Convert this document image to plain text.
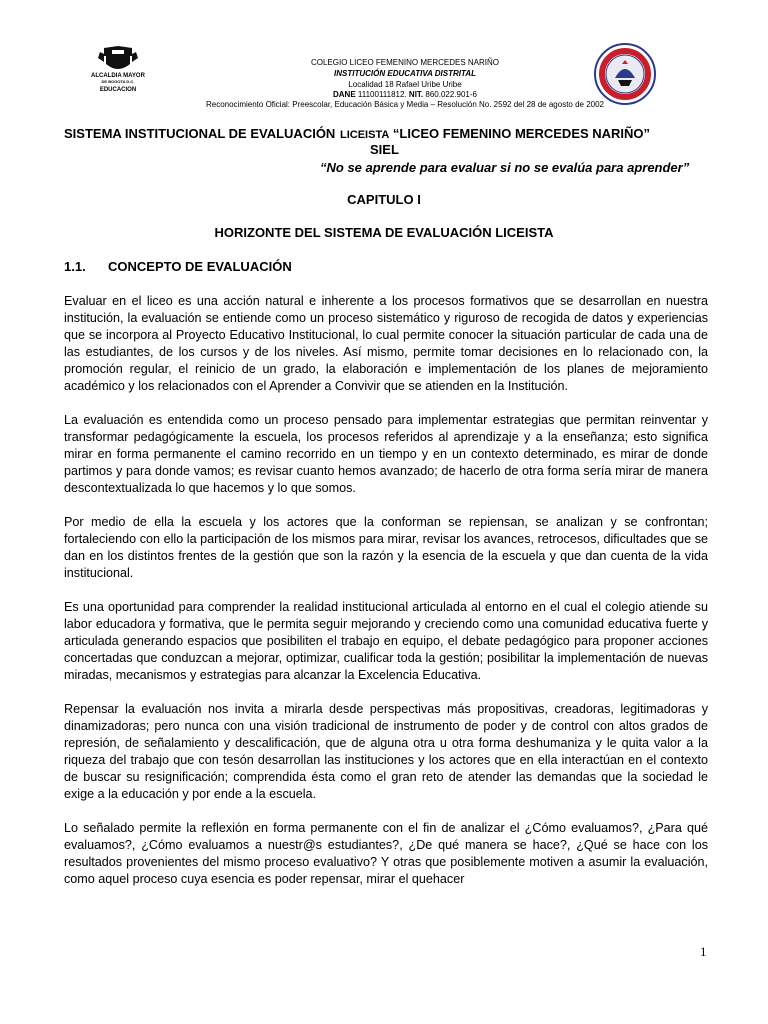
ALCALDIA MAYOR
DE BOGOTA D.C.
EDUCACION
COLEGIO LICEO FEMENINO MERCEDES NARIÑO
INSTITUCIÓN EDUCATIVA DISTRITAL
Localidad 18 Rafael Uribe Uribe
DANE 11100111812. NIT. 860.022.901-6
Reconocimiento Oficial: Preescolar, Educación Básica y Media – Resolución No. 2592 del 28 de agosto de 2002
SISTEMA INSTITUCIONAL DE EVALUACIÓN LICEISTA “LICEO FEMENINO MERCEDES NARIÑO”
SIEL
“No se aprende para evaluar si no se evalúa para aprender”
CAPITULO I
HORIZONTE DEL SISTEMA DE EVALUACIÓN LICEISTA
1.1. CONCEPTO DE EVALUACIÓN

Evaluar en el liceo es una acción natural e inherente a los procesos formativos que se desarrollan en nuestra institución, la evaluación se entiende como un proceso sistemático y riguroso de recogida de datos y experiencias que se incorpora al Proyecto Educativo Institucional, lo cual permite conocer la situación particular de cada una de las estudiantes, de los cursos y de los niveles. Así mismo, permite tomar decisiones en lo relacionado con, la promoción regular, el reinicio de un grado, la elaboración e implementación de los planes de mejoramiento académico y los relacionados con el Aprender a Convivir que se atienden en la Institución.

La evaluación es entendida como un proceso pensado para implementar estrategias que permitan reinventar y transformar pedagógicamente la escuela, los procesos referidos al aprendizaje y a la enseñanza; esto significa mirar en forma permanente el camino recorrido en un tiempo y en un contexto determinado, es mirar de donde partimos y para donde vamos; es revisar cuanto hemos avanzado; de hacerlo de otra forma sería mirar de manera descontextualizada lo que hacemos y lo que somos.

Por medio de ella la escuela y los actores que la conforman se repiensan, se analizan y se confrontan; fortaleciendo con ello la participación de los mismos para mirar, revisar los avances, retrocesos, dificultades que se dan en los distintos frentes de la gestión que son la razón y la esencia de la escuela y que dan cuenta de la vida institucional.

Es una oportunidad para comprender la realidad institucional articulada al entorno en el cual el colegio atiende su labor educadora y formativa, que le permita seguir mejorando y creciendo como una comunidad educativa fuerte y articulada generando espacios que posibiliten el trabajo en equipo, el debate pedagógico para proponer acciones concertadas que conduzcan a mejorar, optimizar, cualificar toda la gestión; posibilitar la implementación de nuevas miradas, mecanismos y estrategias para alcanzar la Excelencia Educativa.

Repensar la evaluación nos invita a mirarla desde perspectivas más propositivas, creadoras, legitimadoras y dinamizadoras; pero nunca con una visión tradicional de instrumento de poder y de control con altos grados de represión, de señalamiento y descalificación, que de alguna otra u otra forma deshumaniza y le quita valor a la riqueza del trabajo que con tesón desarrollan las instituciones y los actores que en ella interactúan en el contexto de buscar su resignificación; comprendida ésta como el gran reto de atender las demandas que la sociedad le exige a la educación y por ende a la escuela.

Lo señalado permite la reflexión en forma permanente con el fin de analizar el ¿Cómo evaluamos?, ¿Para qué evaluamos?, ¿Cómo evaluamos a nuestr@s estudiantes?, ¿De qué manera se hace?, ¿Qué se hace con los resultados provenientes del mismo proceso evaluativo? Y otras que posiblemente motiven a asumir la evaluación, como aquel proceso cuya esencia es poder repensar, mirar el quehacer

1
